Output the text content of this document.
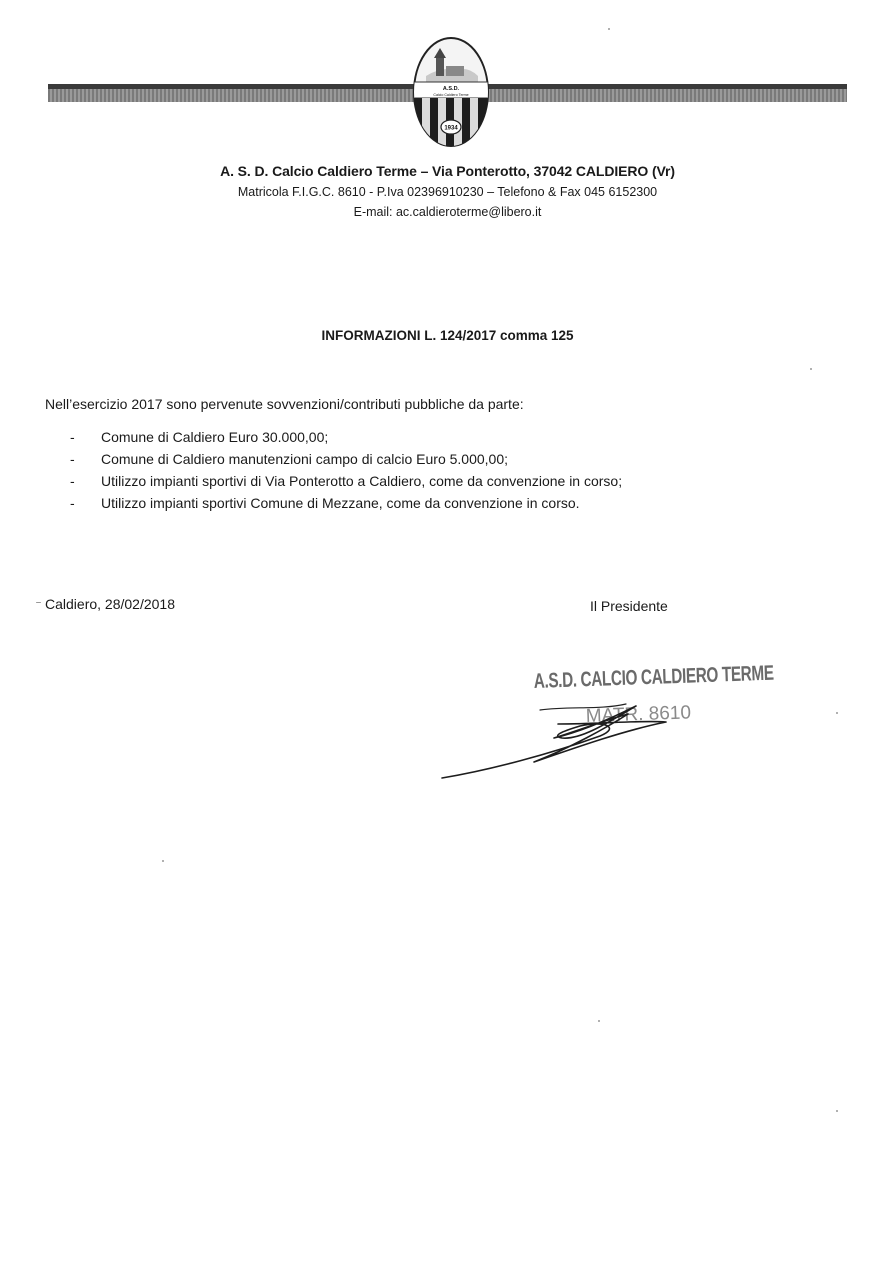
A.S.D.
Calcio Caldiero Terme
1934
A. S. D. Calcio Caldiero Terme – Via Ponterotto, 37042 CALDIERO (Vr)
Matricola F.I.G.C. 8610 - P.Iva 02396910230 – Telefono & Fax 045 6152300
E-mail: ac.caldieroterme@libero.it
INFORMAZIONI L. 124/2017 comma 125
Nell’esercizio 2017 sono pervenute sovvenzioni/contributi pubbliche da parte:
- Comune di Caldiero Euro 30.000,00;
- Comune di Caldiero manutenzioni campo di calcio Euro 5.000,00;
- Utilizzo impianti sportivi di Via Ponterotto a Caldiero, come da convenzione in corso;
- Utilizzo impianti sportivi Comune di Mezzane, come da convenzione in corso.
Caldiero, 28/02/2018	Il Presidente
A.S.D. CALCIO CALDIERO TERME
MATR. 8610
